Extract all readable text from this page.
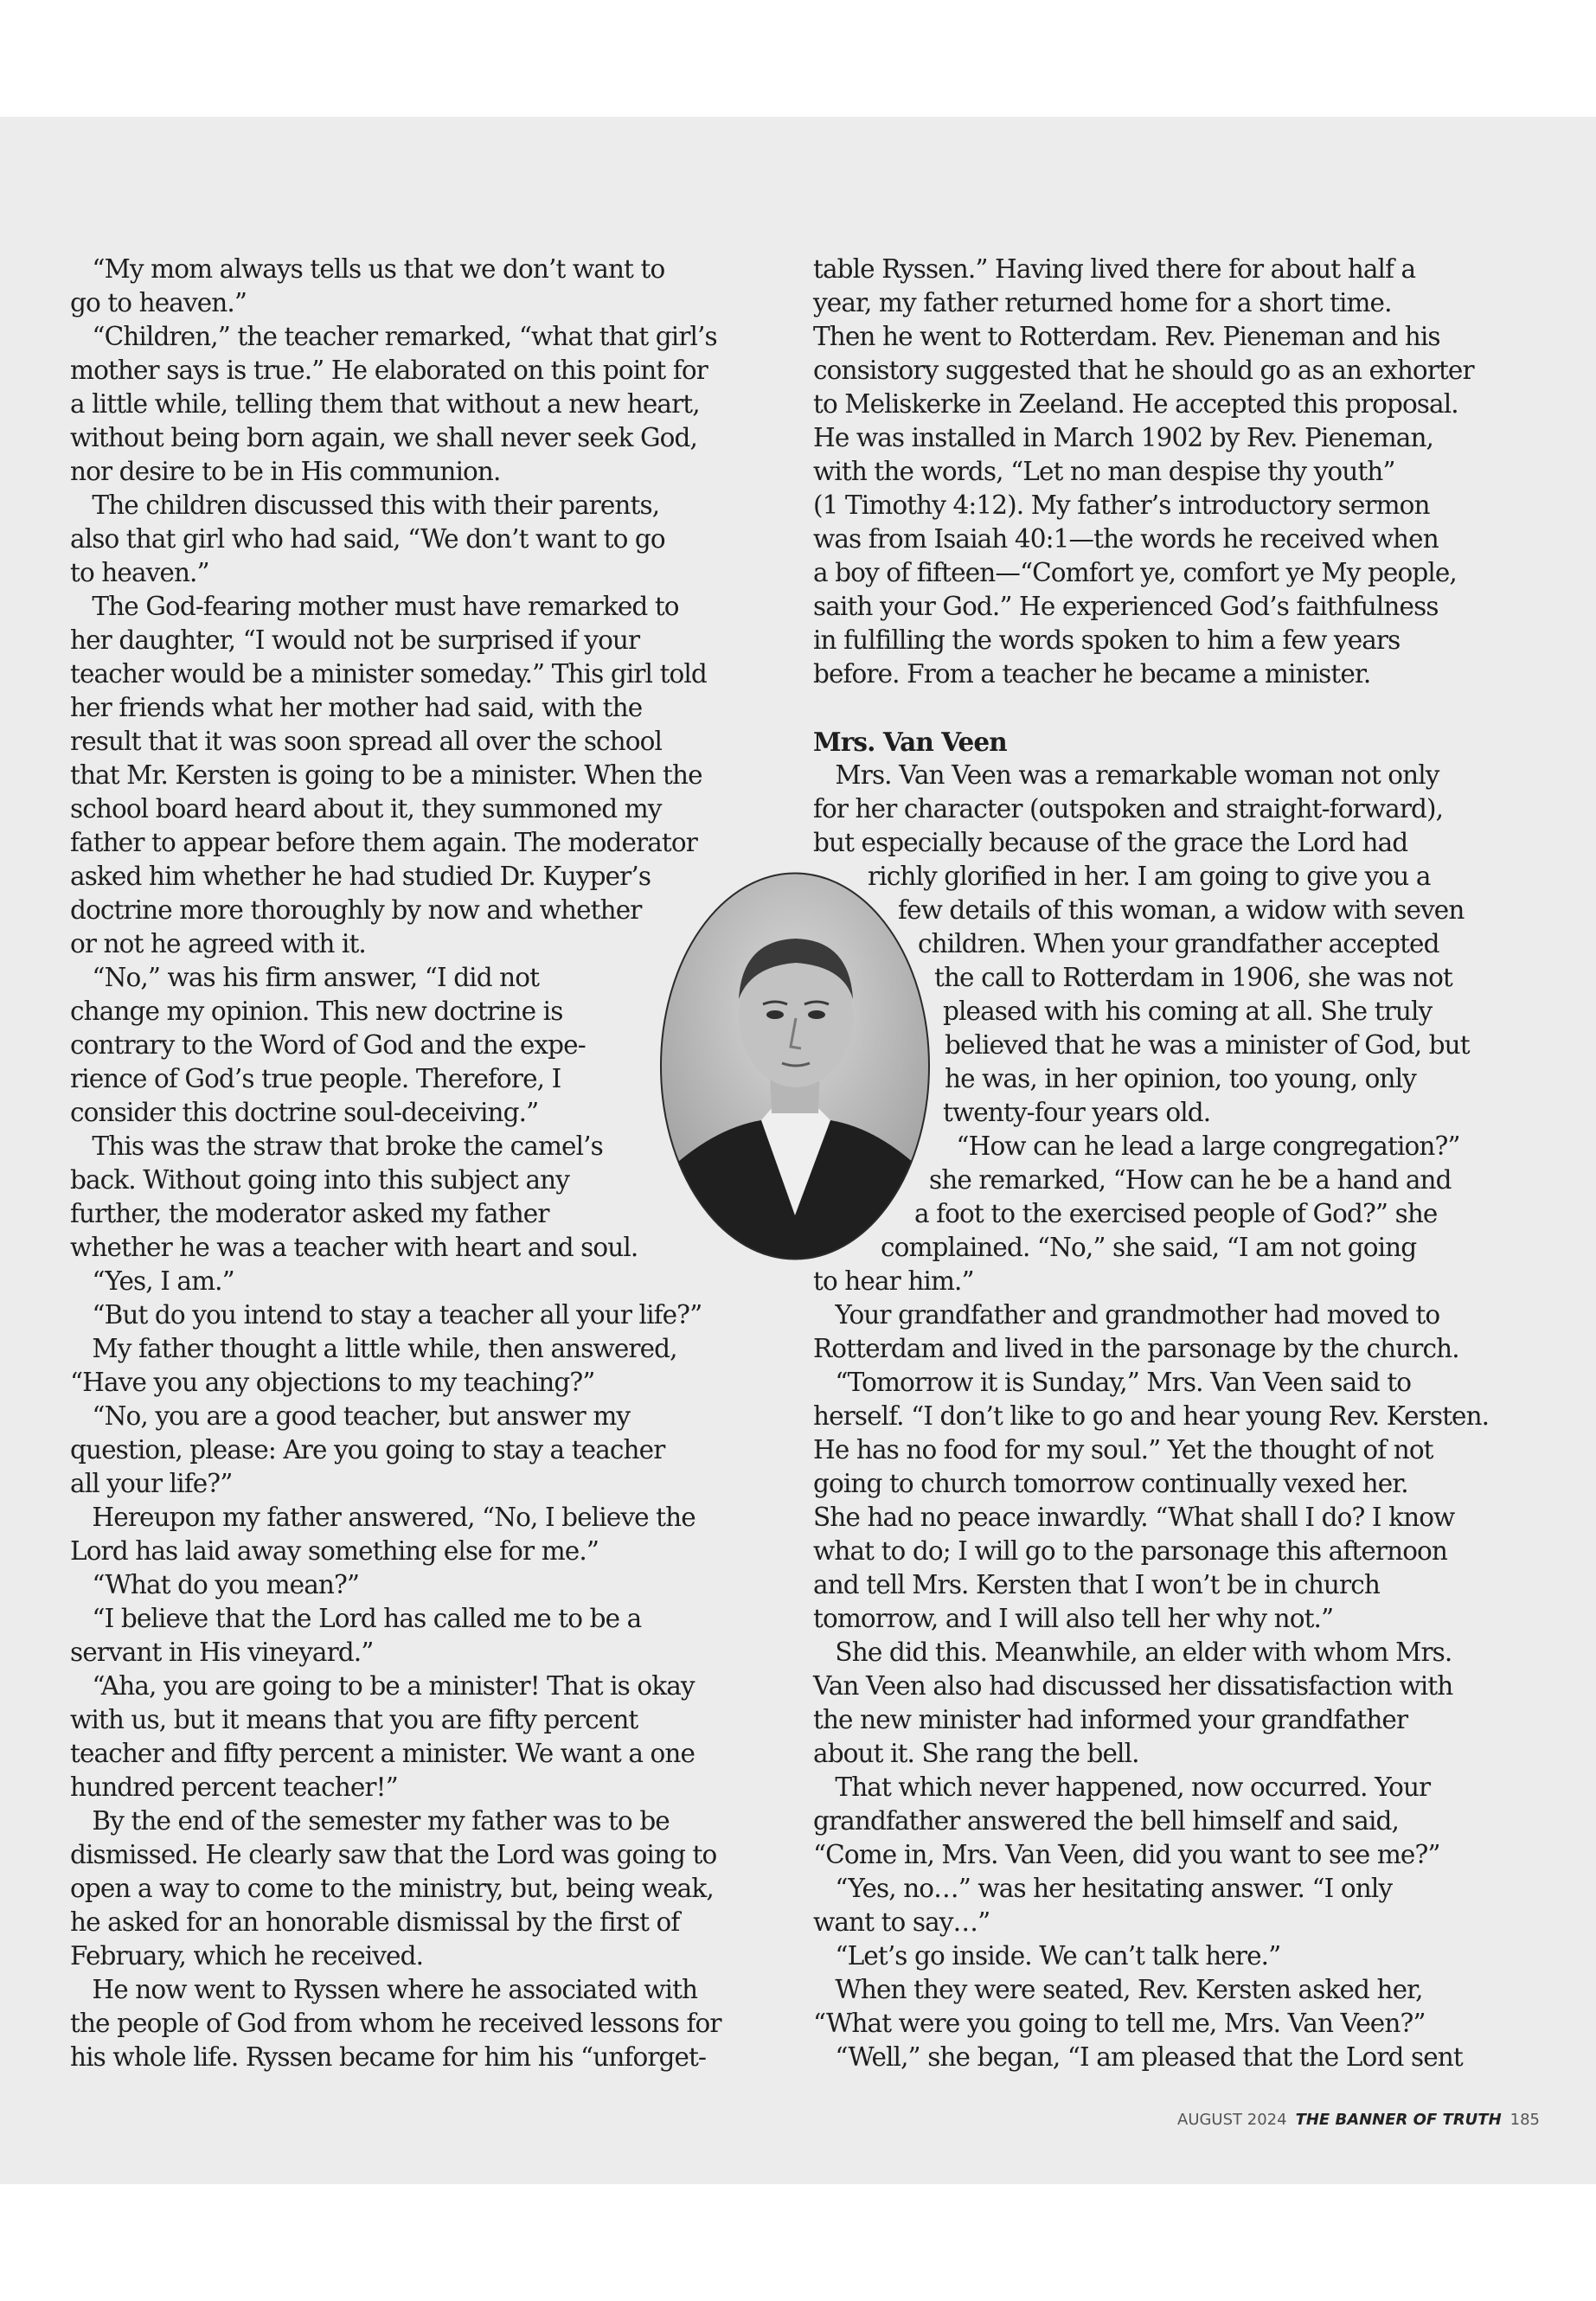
“My mom always tells us that we don’t want to
go to heaven.”
“Children,” the teacher remarked, “what that girl’s
mother says is true.” He elaborated on this point for
a little while, telling them that without a new heart,
without being born again, we shall never seek God,
nor desire to be in His communion.
The children discussed this with their parents,
also that girl who had said, “We don’t want to go
to heaven.”
The God-fearing mother must have remarked to
her daughter, “I would not be surprised if your
teacher would be a minister someday.” This girl told
her friends what her mother had said, with the
result that it was soon spread all over the school
that Mr. Kersten is going to be a minister. When the
school board heard about it, they summoned my
father to appear before them again. The moderator
asked him whether he had studied Dr. Kuyper’s
doctrine more thoroughly by now and whether
or not he agreed with it.
“No,” was his firm answer, “I did not
change my opinion. This new doctrine is
contrary to the Word of God and the expe-
rience of God’s true people. Therefore, I
consider this doctrine soul-deceiving.”
This was the straw that broke the camel’s
back. Without going into this subject any
further, the moderator asked my father
whether he was a teacher with heart and soul.
“Yes, I am.”
“But do you intend to stay a teacher all your life?”
My father thought a little while, then answered,
“Have you any objections to my teaching?”
“No, you are a good teacher, but answer my
question, please: Are you going to stay a teacher
all your life?”
Hereupon my father answered, “No, I believe the
Lord has laid away something else for me.”
“What do you mean?”
“I believe that the Lord has called me to be a
servant in His vineyard.”
“Aha, you are going to be a minister! That is okay
with us, but it means that you are fifty percent
teacher and fifty percent a minister. We want a one
hundred percent teacher!”
By the end of the semester my father was to be
dismissed. He clearly saw that the Lord was going to
open a way to come to the ministry, but, being weak,
he asked for an honorable dismissal by the first of
February, which he received.
He now went to Ryssen where he associated with
the people of God from whom he received lessons for
his whole life. Ryssen became for him his “unforget-
table Ryssen.” Having lived there for about half a
year, my father returned home for a short time.
Then he went to Rotterdam. Rev. Pieneman and his
consistory suggested that he should go as an exhorter
to Meliskerke in Zeeland. He accepted this proposal.
He was installed in March 1902 by Rev. Pieneman,
with the words, “Let no man despise thy youth”
(1 Timothy 4:12). My father’s introductory sermon
was from Isaiah 40:1—the words he received when
a boy of fifteen—“Comfort ye, comfort ye My people,
saith your God.” He experienced God’s faithfulness
in fulfilling the words spoken to him a few years
before. From a teacher he became a minister.
Mrs. Van Veen
Mrs. Van Veen was a remarkable woman not only
for her character (outspoken and straight-forward),
but especially because of the grace the Lord had
richly glorified in her. I am going to give you a
few details of this woman, a widow with seven
children. When your grandfather accepted
the call to Rotterdam in 1906, she was not
pleased with his coming at all. She truly
believed that he was a minister of God, but
he was, in her opinion, too young, only
twenty-four years old.
“How can he lead a large congregation?”
she remarked, “How can he be a hand and
a foot to the exercised people of God?” she
complained. “No,” she said, “I am not going
to hear him.”
Your grandfather and grandmother had moved to
Rotterdam and lived in the parsonage by the church.
“Tomorrow it is Sunday,” Mrs. Van Veen said to
herself. “I don’t like to go and hear young Rev. Kersten.
He has no food for my soul.” Yet the thought of not
going to church tomorrow continually vexed her.
She had no peace inwardly. “What shall I do? I know
what to do; I will go to the parsonage this afternoon
and tell Mrs. Kersten that I won’t be in church
tomorrow, and I will also tell her why not.”
She did this. Meanwhile, an elder with whom Mrs.
Van Veen also had discussed her dissatisfaction with
the new minister had informed your grandfather
about it. She rang the bell.
That which never happened, now occurred. Your
grandfather answered the bell himself and said,
“Come in, Mrs. Van Veen, did you want to see me?”
“Yes, no…” was her hesitating answer. “I only
want to say…”
“Let’s go inside. We can’t talk here.”
When they were seated, Rev. Kersten asked her,
“What were you going to tell me, Mrs. Van Veen?”
“Well,” she began, “I am pleased that the Lord sent
AUGUST 2024 THE BANNER OF TRUTH 185
